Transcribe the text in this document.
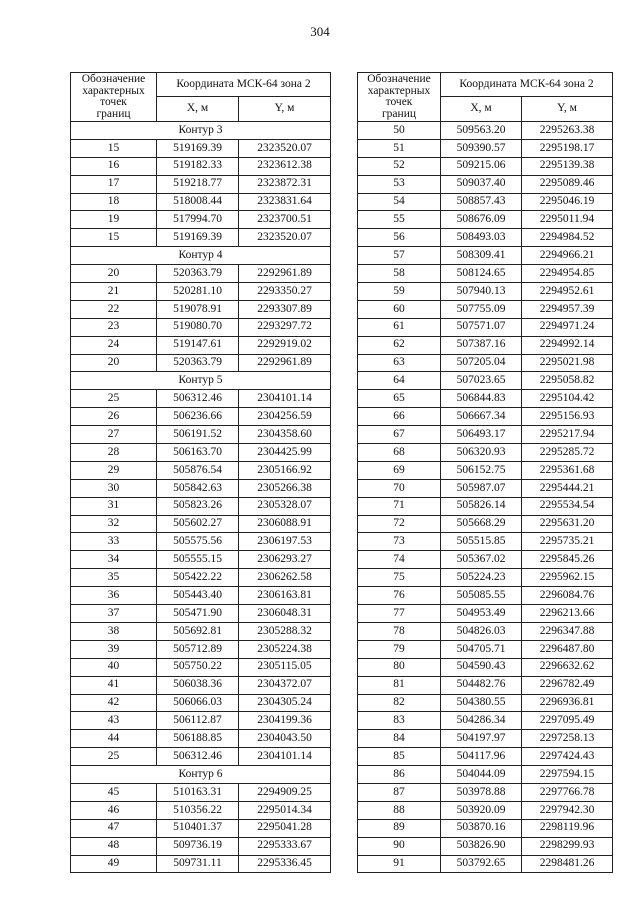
304
Обозначение
характерных
точек
границ	Координата МСК-64 зона 2	
	X, м	Y, м
Контур 3		
15	519169.39	2323520.07
16	519182.33	2323612.38
17	519218.77	2323872.31
18	518008.44	2323831.64
19	517994.70	2323700.51
15	519169.39	2323520.07
Контур 4		
20	520363.79	2292961.89
21	520281.10	2293350.27
22	519078.91	2293307.89
23	519080.70	2293297.72
24	519147.61	2292919.02
20	520363.79	2292961.89
Контур 5		
25	506312.46	2304101.14
26	506236.66	2304256.59
27	506191.52	2304358.60
28	506163.70	2304425.99
29	505876.54	2305166.92
30	505842.63	2305266.38
31	505823.26	2305328.07
32	505602.27	2306088.91
33	505575.56	2306197.53
34	505555.15	2306293.27
35	505422.22	2306262.58
36	505443.40	2306163.81
37	505471.90	2306048.31
38	505692.81	2305288.32
39	505712.89	2305224.38
40	505750.22	2305115.05
41	506038.36	2304372.07
42	506066.03	2304305.24
43	506112.87	2304199.36
44	506188.85	2304043.50
25	506312.46	2304101.14
Контур 6		
45	510163.31	2294909.25
46	510356.22	2295014.34
47	510401.37	2295041.28
48	509736.19	2295333.67
49	509731.11	2295336.45
Обозначение
характерных
точек
границ	Координата МСК-64 зона 2	
	X, м	Y, м
50	509563.20	2295263.38
51	509390.57	2295198.17
52	509215.06	2295139.38
53	509037.40	2295089.46
54	508857.43	2295046.19
55	508676.09	2295011.94
56	508493.03	2294984.52
57	508309.41	2294966.21
58	508124.65	2294954.85
59	507940.13	2294952.61
60	507755.09	2294957.39
61	507571.07	2294971.24
62	507387.16	2294992.14
63	507205.04	2295021.98
64	507023.65	2295058.82
65	506844.83	2295104.42
66	506667.34	2295156.93
67	506493.17	2295217.94
68	506320.93	2295285.72
69	506152.75	2295361.68
70	505987.07	2295444.21
71	505826.14	2295534.54
72	505668.29	2295631.20
73	505515.85	2295735.21
74	505367.02	2295845.26
75	505224.23	2295962.15
76	505085.55	2296084.76
77	504953.49	2296213.66
78	504826.03	2296347.88
79	504705.71	2296487.80
80	504590.43	2296632.62
81	504482.76	2296782.49
82	504380.55	2296936.81
83	504286.34	2297095.49
84	504197.97	2297258.13
85	504117.96	2297424.43
86	504044.09	2297594.15
87	503978.88	2297766.78
88	503920.09	2297942.30
89	503870.16	2298119.96
90	503826.90	2298299.93
91	503792.65	2298481.26
